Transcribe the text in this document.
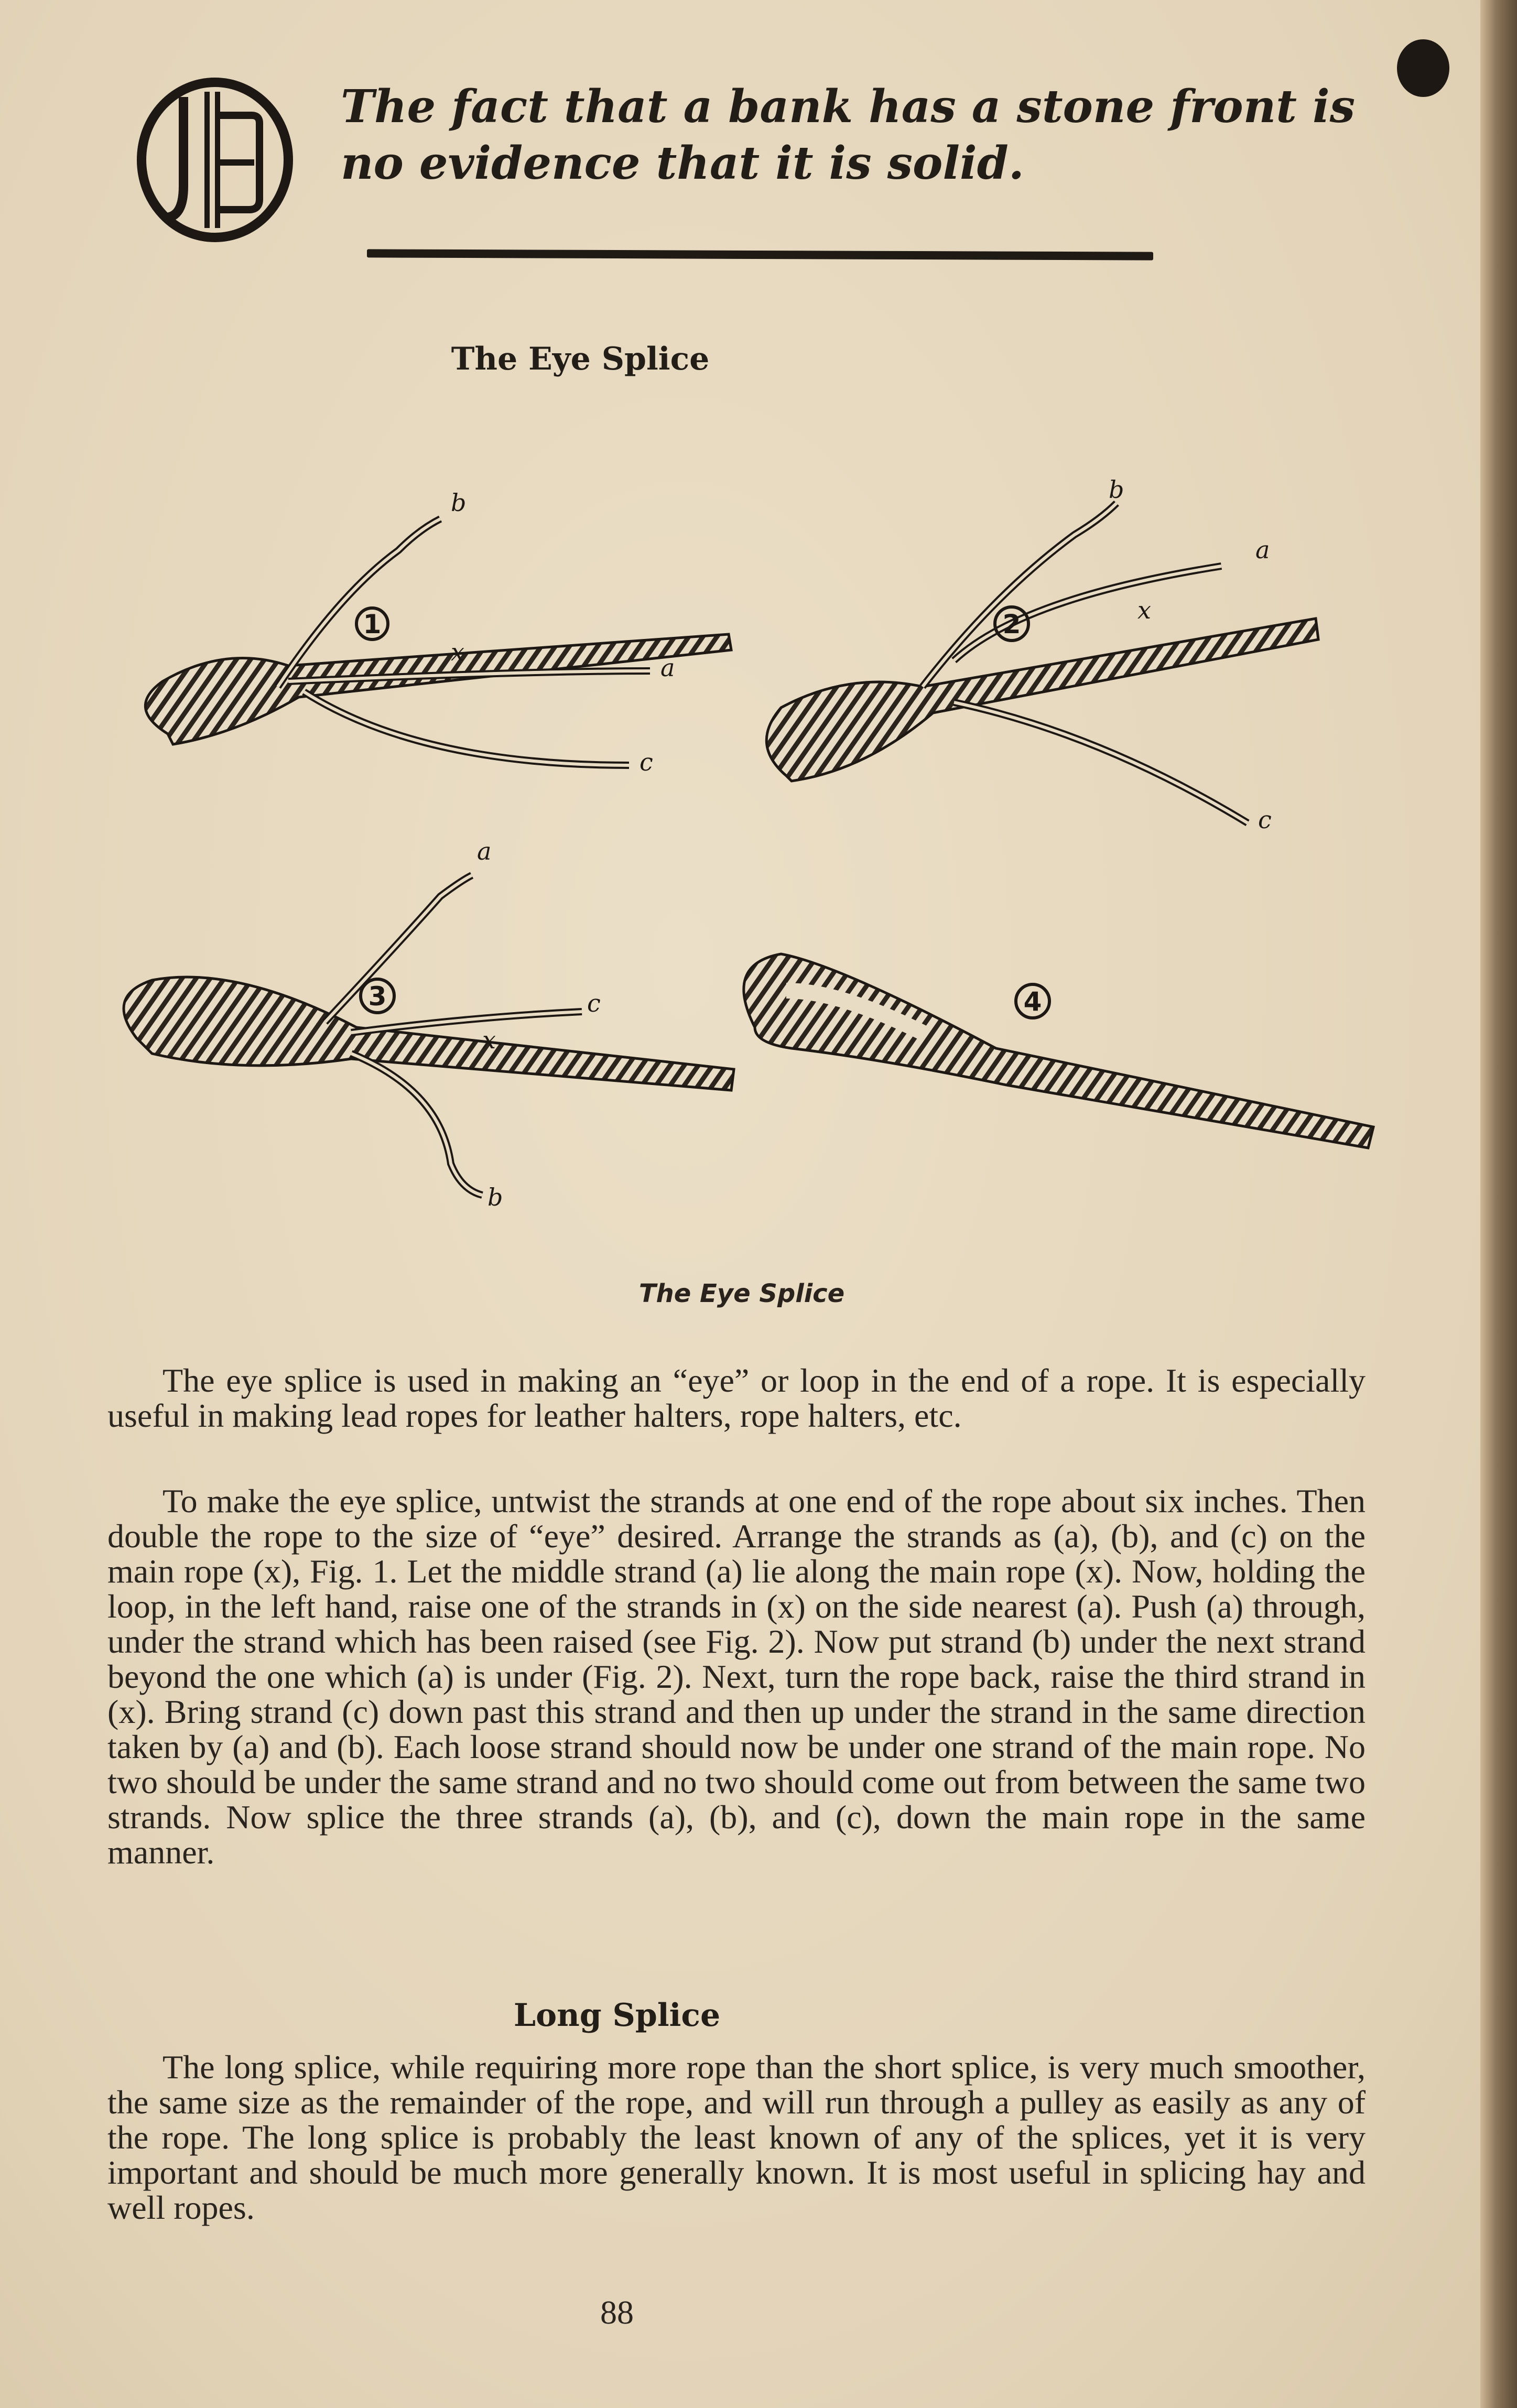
The fact that a bank has a stone front is no evidence that it is solid.
The Eye Splice
1
b
a
c
x
2
b
a
c
x
3
a
c
b
x
4
The Eye Splice

The eye splice is used in making an “eye” or loop in the end of a rope. It is especially useful in making lead ropes for leather halters, rope halters, etc.

To make the eye splice, untwist the strands at one end of the rope about six inches. Then double the rope to the size of “eye” desired. Arrange the strands as (a), (b), and (c) on the main rope (x), Fig. 1. Let the middle strand (a) lie along the main rope (x). Now, holding the loop, in the left hand, raise one of the strands in (x) on the side nearest (a). Push (a) through, under the strand which has been raised (see Fig. 2). Now put strand (b) under the next strand beyond the one which (a) is under (Fig. 2). Next, turn the rope back, raise the third strand in (x). Bring strand (c) down past this strand and then up under the strand in the same direction taken by (a) and (b). Each loose strand should now be under one strand of the main rope. No two should be under the same strand and no two should come out from between the same two strands. Now splice the three strands (a), (b), and (c), down the main rope in the same manner.

Long Splice

The long splice, while requiring more rope than the short splice, is very much smoother, the same size as the remainder of the rope, and will run through a pulley as easily as any of the rope. The long splice is probably the least known of any of the splices, yet it is very important and should be much more generally known. It is most useful in splicing hay and well ropes.

88
